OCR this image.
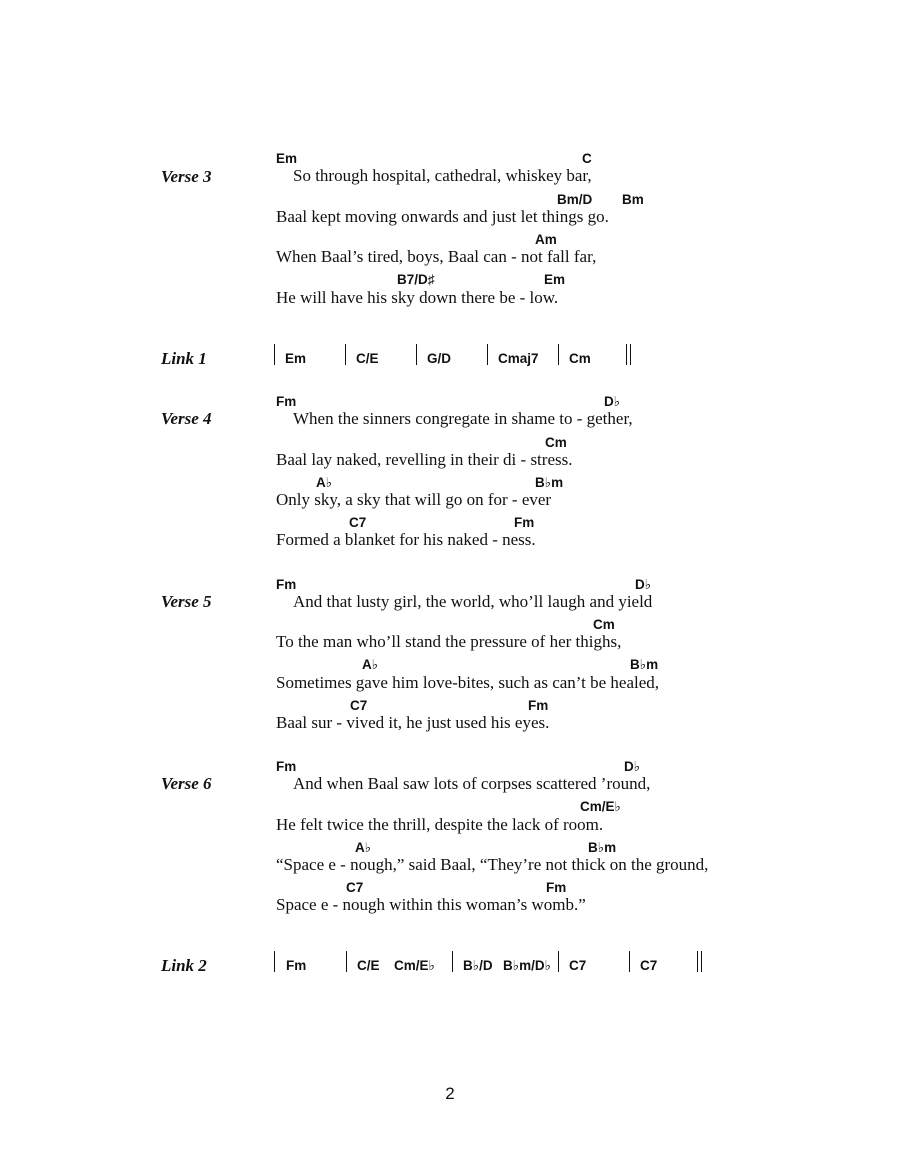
Verse 3
Em	C
So through hospital, cathedral, whiskey bar,
Bm/D Bm
Baal kept moving onwards and just let things go.
Am
When Baal’s tired, boys, Baal can - not fall far,
B7/D♯	Em
He will have his sky down there be - low.
Link 1	Em	C/E	G/D	Cmaj7 Cm
Verse 4
Fm	D♭
When the sinners congregate in shame to - gether,
Cm
Baal lay naked, revelling in their di - stress.
A♭	B♭m
Only sky, a sky that will go on for - ever
C7	Fm
Formed a blanket for his naked - ness.
Verse 5
Fm	D♭
And that lusty girl, the world, who’ll laugh and yield
Cm
To the man who’ll stand the pressure of her thighs,
A♭	B♭m
Sometimes gave him love-bites, such as can’t be healed,
C7	Fm
Baal sur - vived it, he just used his eyes.
Verse 6
Fm	D♭
And when Baal saw lots of corpses scattered ’round,
Cm/E♭
He felt twice the thrill, despite the lack of room.
A♭	B♭m
“Space e - nough,” said Baal, “They’re not thick on the ground,
C7	Fm
Space e - nough within this woman’s womb.”
Link 2	Fm	C/E Cm/E♭ B♭/D B♭m/D♭ C7	C7
2
